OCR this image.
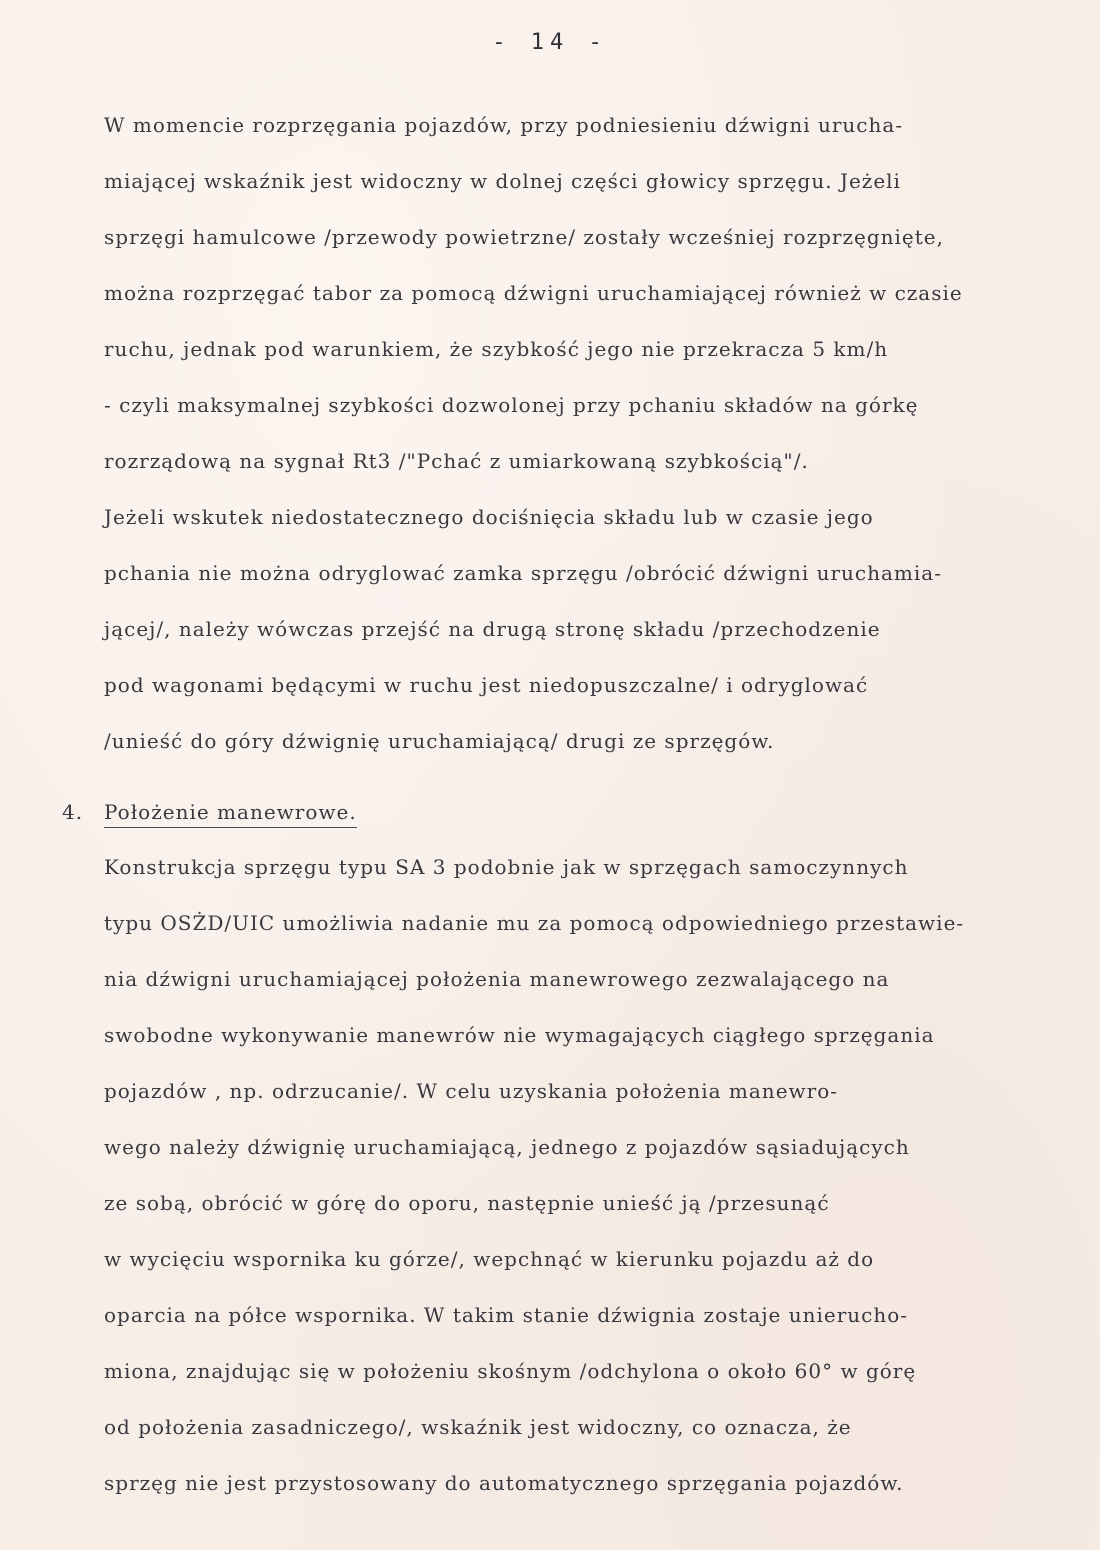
- 14 -
W momencie rozprzęgania pojazdów, przy podniesieniu dźwigni urucha-
miającej wskaźnik jest widoczny w dolnej części głowicy sprzęgu. Jeżeli
sprzęgi hamulcowe /przewody powietrzne/ zostały wcześniej rozprzęgnięte,
można rozprzęgać tabor za pomocą dźwigni uruchamiającej również w czasie
ruchu, jednak pod warunkiem, że szybkość jego nie przekracza 5 km/h
- czyli maksymalnej szybkości dozwolonej przy pchaniu składów na górkę
rozrządową na sygnał Rt3 /"Pchać z umiarkowaną szybkością"/.
Jeżeli wskutek niedostatecznego dociśnięcia składu lub w czasie jego
pchania nie można odryglować zamka sprzęgu /obrócić dźwigni uruchamia-
jącej/, należy wówczas przejść na drugą stronę składu /przechodzenie
pod wagonami będącymi w ruchu jest niedopuszczalne/ i odryglować
/unieść do góry dźwignię uruchamiającą/ drugi ze sprzęgów.
4. Położenie manewrowe.
Konstrukcja sprzęgu typu SA 3 podobnie jak w sprzęgach samoczynnych
typu OSŻD/UIC umożliwia nadanie mu za pomocą odpowiedniego przestawie-
nia dźwigni uruchamiającej położenia manewrowego zezwalającego na
swobodne wykonywanie manewrów nie wymagających ciągłego sprzęgania
pojazdów , np. odrzucanie/. W celu uzyskania położenia manewro-
wego należy dźwignię uruchamiającą, jednego z pojazdów sąsiadujących
ze sobą, obrócić w górę do oporu, następnie unieść ją /przesunąć
w wycięciu wspornika ku górze/, wepchnąć w kierunku pojazdu aż do
oparcia na półce wspornika. W takim stanie dźwignia zostaje unierucho-
miona, znajdując się w położeniu skośnym /odchylona o około 60° w górę
od położenia zasadniczego/, wskaźnik jest widoczny, co oznacza, że
sprzęg nie jest przystosowany do automatycznego sprzęgania pojazdów.
